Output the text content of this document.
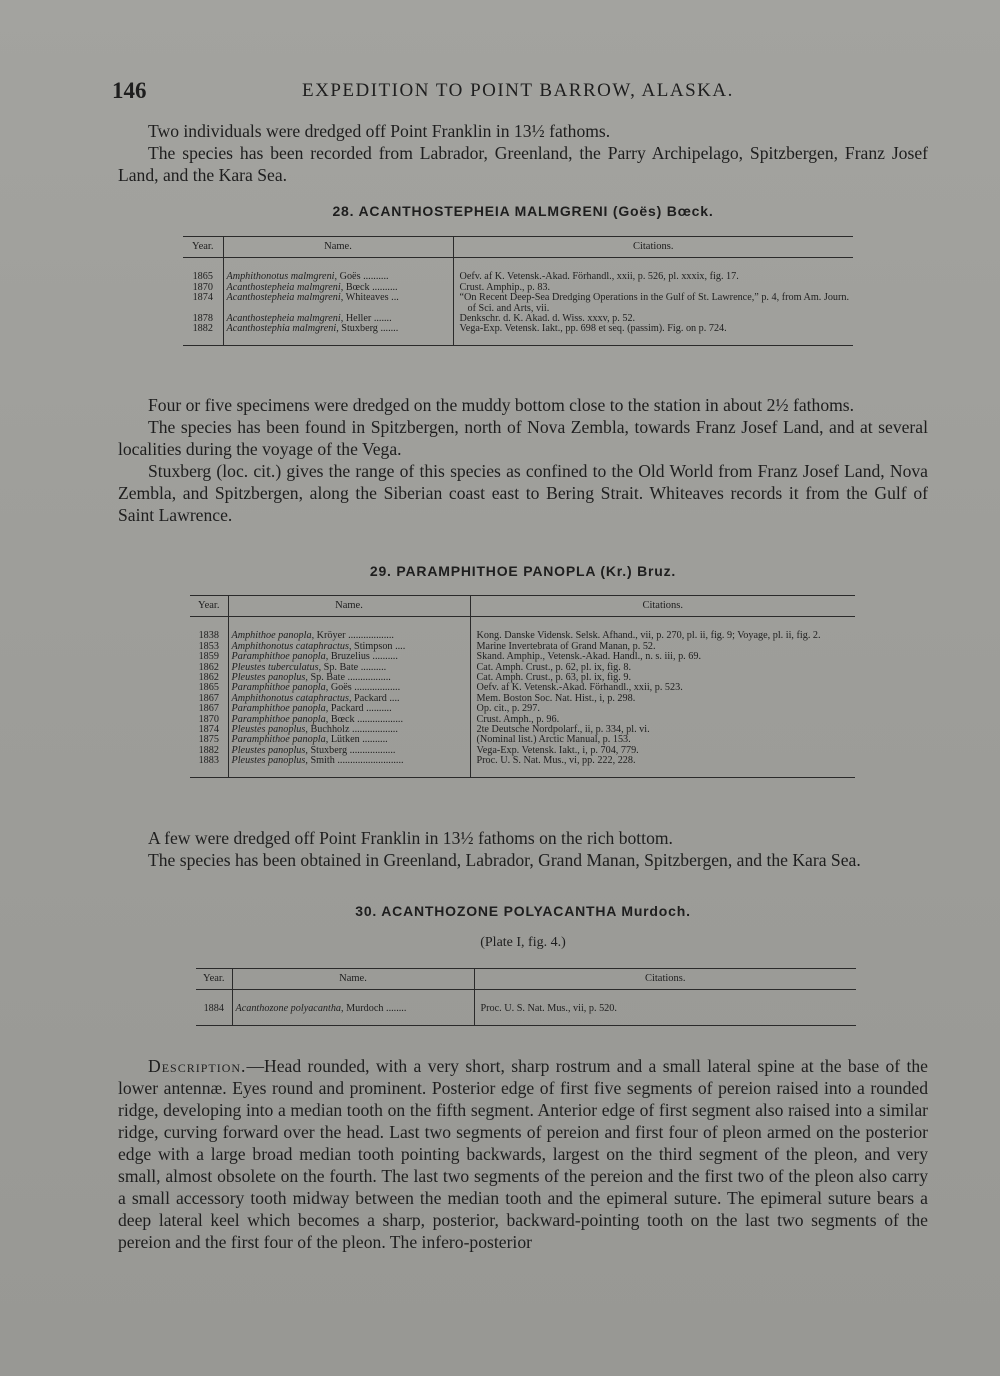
146	EXPEDITION TO POINT BARROW, ALASKA.

Two individuals were dredged off Point Franklin in 13½ fathoms.

The species has been recorded from Labrador, Greenland, the Parry Archipelago, Spitzbergen, Franz Josef Land, and the Kara Sea.

28. ACANTHOSTEPHEIA MALMGRENI (Goës) Bœck.
Year.	Name.	Citations.
1865	Amphithonotus malmgreni, Goës ..........	Oefv. af K. Vetensk.-Akad. Förhandl., xxii, p. 526, pl. xxxix, fig. 17.
1870	Acanthostepheia malmgreni, Bœck ..........	Crust. Amphip., p. 83.
1874	Acanthostepheia malmgreni, Whiteaves ...	“On Recent Deep-Sea Dredging Operations in the Gulf of St. Lawrence,” p. 4, from Am. Journ. of Sci. and Arts, vii.
1878	Acanthostepheia malmgreni, Heller .......	Denkschr. d. K. Akad. d. Wiss. xxxv, p. 52.
1882	Acanthostephia malmgreni, Stuxberg .......	Vega-Exp. Vetensk. Iakt., pp. 698 et seq. (passim). Fig. on p. 724.

Four or five specimens were dredged on the muddy bottom close to the station in about 2½ fathoms.

The species has been found in Spitzbergen, north of Nova Zembla, towards Franz Josef Land, and at several localities during the voyage of the Vega.

Stuxberg (loc. cit.) gives the range of this species as confined to the Old World from Franz Josef Land, Nova Zembla, and Spitzbergen, along the Siberian coast east to Bering Strait. Whiteaves records it from the Gulf of Saint Lawrence.

29. PARAMPHITHOE PANOPLA (Kr.) Bruz.
Year.	Name.	Citations.
1838	Amphithoe panopla, Kröyer ..................	Kong. Danske Vidensk. Selsk. Afhand., vii, p. 270, pl. ii, fig. 9; Voyage, pl. ii, fig. 2.
1853	Amphithonotus cataphractus, Stimpson ....	Marine Invertebrata of Grand Manan, p. 52.
1859	Paramphithoe panopla, Bruzelius ..........	Skand. Amphip., Vetensk.-Akad. Handl., n. s. iii, p. 69.
1862	Pleustes tuberculatus, Sp. Bate ..........	Cat. Amph. Crust., p. 62, pl. ix, fig. 8.
1862	Pleustes panoplus, Sp. Bate .................	Cat. Amph. Crust., p. 63, pl. ix, fig. 9.
1865	Paramphithoe panopla, Goës ..................	Oefv. af K. Vetensk.-Akad. Förhandl., xxii, p. 523.
1867	Amphithonotus cataphractus, Packard ....	Mem. Boston Soc. Nat. Hist., i, p. 298.
1867	Paramphithoe panopla, Packard ..........	Op. cit., p. 297.
1870	Paramphithoe panopla, Bœck ..................	Crust. Amph., p. 96.
1874	Pleustes panoplus, Buchholz ..................	2te Deutsche Nordpolarf., ii, p. 334, pl. vi.
1875	Paramphithoe panopla, Lütken ..........	(Nominal list.) Arctic Manual, p. 153.
1882	Pleustes panoplus, Stuxberg ..................	Vega-Exp. Vetensk. Iakt., i, p. 704, 779.
1883	Pleustes panoplus, Smith ..........................	Proc. U. S. Nat. Mus., vi, pp. 222, 228.

A few were dredged off Point Franklin in 13½ fathoms on the rich bottom.

The species has been obtained in Greenland, Labrador, Grand Manan, Spitzbergen, and the Kara Sea.

30. ACANTHOZONE POLYACANTHA Murdoch.
(Plate I, fig. 4.)
Year.	Name.	Citations.
1884	Acanthozone polyacantha, Murdoch ........	Proc. U. S. Nat. Mus., vii, p. 520.

Description.—Head rounded, with a very short, sharp rostrum and a small lateral spine at the base of the lower antennæ. Eyes round and prominent. Posterior edge of first five segments of pereion raised into a rounded ridge, developing into a median tooth on the fifth segment. Anterior edge of first segment also raised into a similar ridge, curving forward over the head. Last two segments of pereion and first four of pleon armed on the posterior edge with a large broad median tooth pointing backwards, largest on the third segment of the pleon, and very small, almost obsolete on the fourth. The last two segments of the pereion and the first two of the pleon also carry a small accessory tooth midway between the median tooth and the epimeral suture. The epimeral suture bears a deep lateral keel which becomes a sharp, posterior, backward-pointing tooth on the last two segments of the pereion and the first four of the pleon. The infero-posterior
